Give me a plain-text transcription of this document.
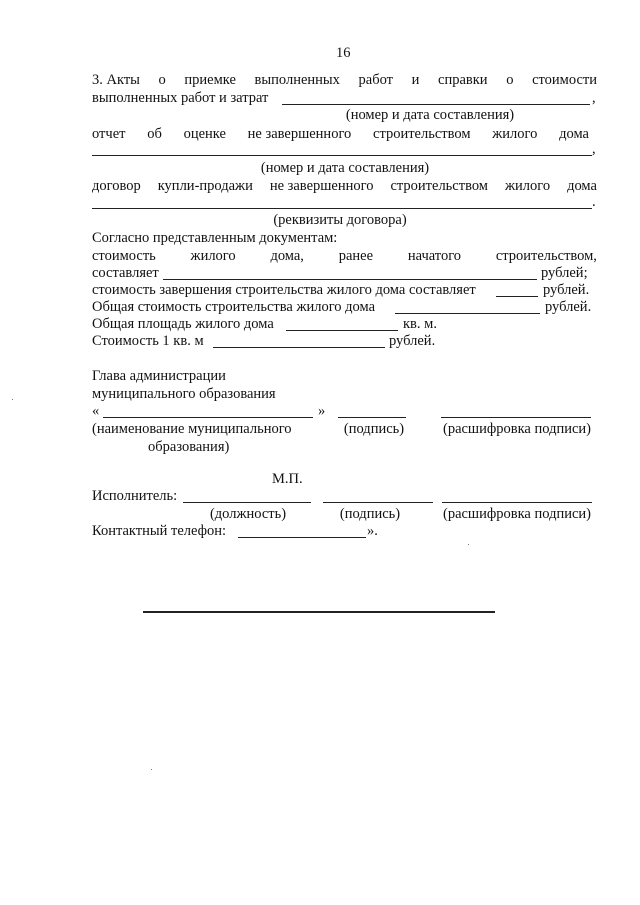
16
3. Акты о приемке выполненных работ и справки о стоимости
выполненных работ и затрат	,
(номер и дата составления)
отчет об оценке не завершенного строительством жилого дома
,
(номер и дата составления)
договор купли-продажи не завершенного строительством жилого дома
.
(реквизиты договора)
Согласно представленным документам:
стоимость жилого дома, ранее начатого строительством,
составляет	рублей;
стоимость завершения строительства жилого дома составляет	рублей.
Общая стоимость строительства жилого дома	рублей.
Общая площадь жилого дома	кв. м.
Стоимость 1 кв. м	рублей.
Глава администрации
муниципального образования
«	»
(наименование муниципального
образования)
(подпись)	(расшифровка подписи)
М.П.
Исполнитель:
(должность)	(подпись)	(расшифровка подписи)
Контактный телефон:	».
